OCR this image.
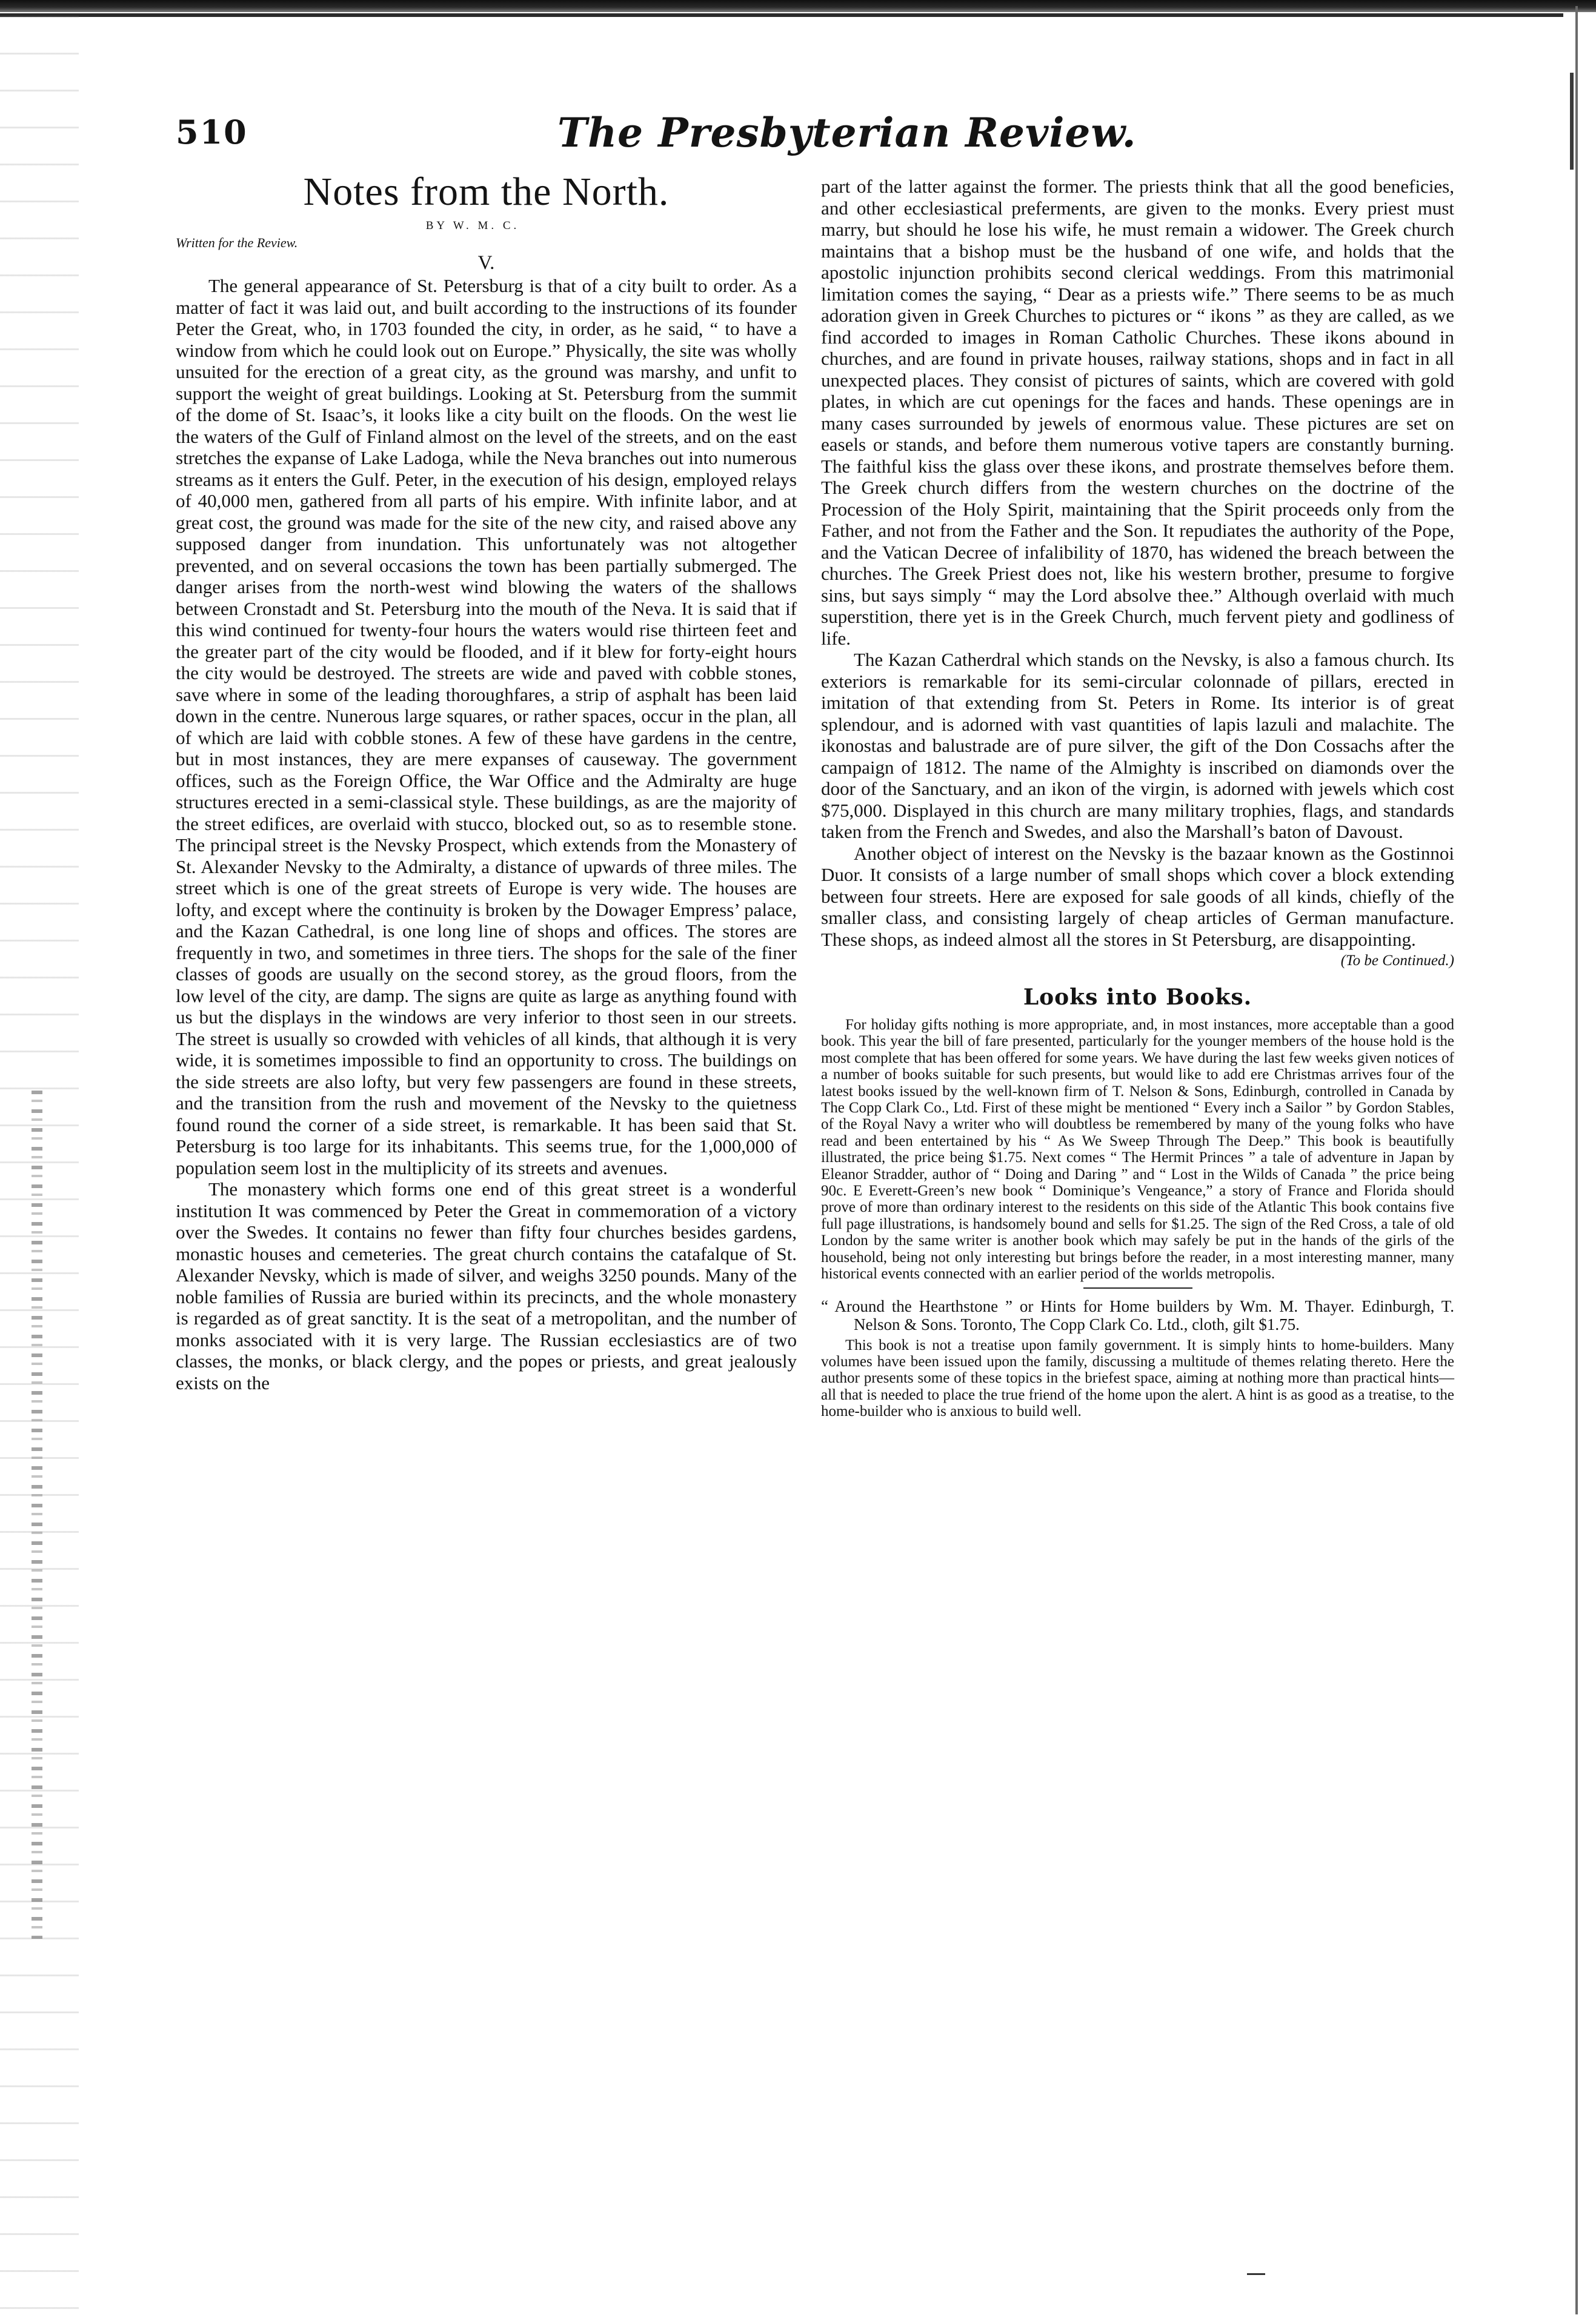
510	The Presbyterian Review.
Notes from the North.
BY W. M. C.

Written for the Review.

V.

The general appearance of St. Petersburg is that of a city built to order. As a matter of fact it was laid out, and built according to the instructions of its founder Peter the Great, who, in 1703 founded the city, in order, as he said, “ to have a window from which he could look out on Europe.” Physically, the site was wholly unsuited for the erection of a great city, as the ground was marshy, and unfit to support the weight of great buildings. Looking at St. Petersburg from the summit of the dome of St. Isaac’s, it looks like a city built on the floods. On the west lie the waters of the Gulf of Finland almost on the level of the streets, and on the east stretches the expanse of Lake Ladoga, while the Neva branches out into numerous streams as it enters the Gulf. Peter, in the execution of his design, employed relays of 40,000 men, gathered from all parts of his empire. With infinite labor, and at great cost, the ground was made for the site of the new city, and raised above any supposed danger from inundation. This unfortunately was not altogether prevented, and on several occasions the town has been partially submerged. The danger arises from the north-west wind blowing the waters of the shallows between Cronstadt and St. Petersburg into the mouth of the Neva. It is said that if this wind continued for twenty-four hours the waters would rise thirteen feet and the greater part of the city would be flooded, and if it blew for forty-eight hours the city would be destroyed. The streets are wide and paved with cobble stones, save where in some of the leading thoroughfares, a strip of asphalt has been laid down in the centre. Nunerous large squares, or rather spaces, occur in the plan, all of which are laid with cobble stones. A few of these have gardens in the centre, but in most instances, they are mere expanses of causeway. The government offices, such as the Foreign Office, the War Office and the Admiralty are huge structures erected in a semi-classical style. These buildings, as are the majority of the street edifices, are overlaid with stucco, blocked out, so as to resemble stone. The principal street is the Nevsky Prospect, which extends from the Monastery of St. Alexander Nevsky to the Admiralty, a distance of upwards of three miles. The street which is one of the great streets of Europe is very wide. The houses are lofty, and except where the continuity is broken by the Dowager Empress’ palace, and the Kazan Cathedral, is one long line of shops and offices. The stores are frequently in two, and sometimes in three tiers. The shops for the sale of the finer classes of goods are usually on the second storey, as the groud floors, from the low level of the city, are damp. The signs are quite as large as anything found with us but the displays in the windows are very inferior to thost seen in our streets. The street is usually so crowded with vehicles of all kinds, that although it is very wide, it is sometimes impossible to find an opportunity to cross. The buildings on the side streets are also lofty, but very few passengers are found in these streets, and the transition from the rush and movement of the Nevsky to the quietness found round the corner of a side street, is remarkable. It has been said that St. Petersburg is too large for its inhabitants. This seems true, for the 1,000,000 of population seem lost in the multiplicity of its streets and avenues.

The monastery which forms one end of this great street is a wonderful institution It was commenced by Peter the Great in commemoration of a victory over the Swedes. It contains no fewer than fifty four churches besides gardens, monastic houses and cemeteries. The great church contains the catafalque of St. Alexander Nevsky, which is made of silver, and weighs 3250 pounds. Many of the noble families of Russia are buried within its precincts, and the whole monastery is regarded as of great sanctity. It is the seat of a metropolitan, and the number of monks associated with it is very large. The Russian ecclesiastics are of two classes, the monks, or black clergy, and the popes or priests, and great jealously exists on the

part of the latter against the former. The priests think that all the good beneficies, and other ecclesiastical preferments, are given to the monks. Every priest must marry, but should he lose his wife, he must remain a widower. The Greek church maintains that a bishop must be the husband of one wife, and holds that the apostolic injunction prohibits second clerical weddings. From this matrimonial limitation comes the saying, “ Dear as a priests wife.” There seems to be as much adoration given in Greek Churches to pictures or “ ikons ” as they are called, as we find accorded to images in Roman Catholic Churches. These ikons abound in churches, and are found in private houses, railway stations, shops and in fact in all unexpected places. They consist of pictures of saints, which are covered with gold plates, in which are cut openings for the faces and hands. These openings are in many cases surrounded by jewels of enormous value. These pictures are set on easels or stands, and before them numerous votive tapers are constantly burning. The faithful kiss the glass over these ikons, and prostrate themselves before them. The Greek church differs from the western churches on the doctrine of the Procession of the Holy Spirit, maintaining that the Spirit proceeds only from the Father, and not from the Father and the Son. It repudiates the authority of the Pope, and the Vatican Decree of infalibility of 1870, has widened the breach between the churches. The Greek Priest does not, like his western brother, presume to forgive sins, but says simply “ may the Lord absolve thee.” Although overlaid with much superstition, there yet is in the Greek Church, much fervent piety and godliness of life.

The Kazan Catherdral which stands on the Nevsky, is also a famous church. Its exteriors is remarkable for its semi-circular colonnade of pillars, erected in imitation of that extending from St. Peters in Rome. Its interior is of great splendour, and is adorned with vast quantities of lapis lazuli and malachite. The ikonostas and balustrade are of pure silver, the gift of the Don Cossachs after the campaign of 1812. The name of the Almighty is inscribed on diamonds over the door of the Sanctuary, and an ikon of the virgin, is adorned with jewels which cost $75,000. Displayed in this church are many military trophies, flags, and standards taken from the French and Swedes, and also the Marshall’s baton of Davoust.

Another object of interest on the Nevsky is the bazaar known as the Gostinnoi Duor. It consists of a large number of small shops which cover a block extending between four streets. Here are exposed for sale goods of all kinds, chiefly of the smaller class, and consisting largely of cheap articles of German manufacture. These shops, as indeed almost all the stores in St Petersburg, are disappointing.

(To be Continued.)

Looks into Books.

For holiday gifts nothing is more appropriate, and, in most instances, more acceptable than a good book. This year the bill of fare presented, particularly for the younger members of the house hold is the most complete that has been offered for some years. We have during the last few weeks given notices of a number of books suitable for such presents, but would like to add ere Christmas arrives four of the latest books issued by the well-known firm of T. Nelson & Sons, Edinburgh, controlled in Canada by The Copp Clark Co., Ltd. First of these might be mentioned “ Every inch a Sailor ” by Gordon Stables, of the Royal Navy a writer who will doubtless be remembered by many of the young folks who have read and been entertained by his “ As We Sweep Through The Deep.” This book is beautifully illustrated, the price being $1.75. Next comes “ The Hermit Princes ” a tale of adventure in Japan by Eleanor Stradder, author of “ Doing and Daring ” and “ Lost in the Wilds of Canada ” the price being 90c. E Everett-Green’s new book “ Dominique’s Vengeance,” a story of France and Florida should prove of more than ordinary interest to the residents on this side of the Atlantic This book contains five full page illustrations, is handsomely bound and sells for $1.25. The sign of the Red Cross, a tale of old London by the same writer is another book which may safely be put in the hands of the girls of the household, being not only interesting but brings before the reader, in a most interesting manner, many historical events connected with an earlier period of the worlds metropolis.

“ Around the Hearthstone ” or Hints for Home builders by Wm. M. Thayer. Edinburgh, T. Nelson & Sons. Toronto, The Copp Clark Co. Ltd., cloth, gilt $1.75.

This book is not a treatise upon family government. It is simply hints to home-builders. Many volumes have been issued upon the family, discussing a multitude of themes relating thereto. Here the author presents some of these topics in the briefest space, aiming at nothing more than practical hints—all that is needed to place the true friend of the home upon the alert. A hint is as good as a treatise, to the home-builder who is anxious to build well.
